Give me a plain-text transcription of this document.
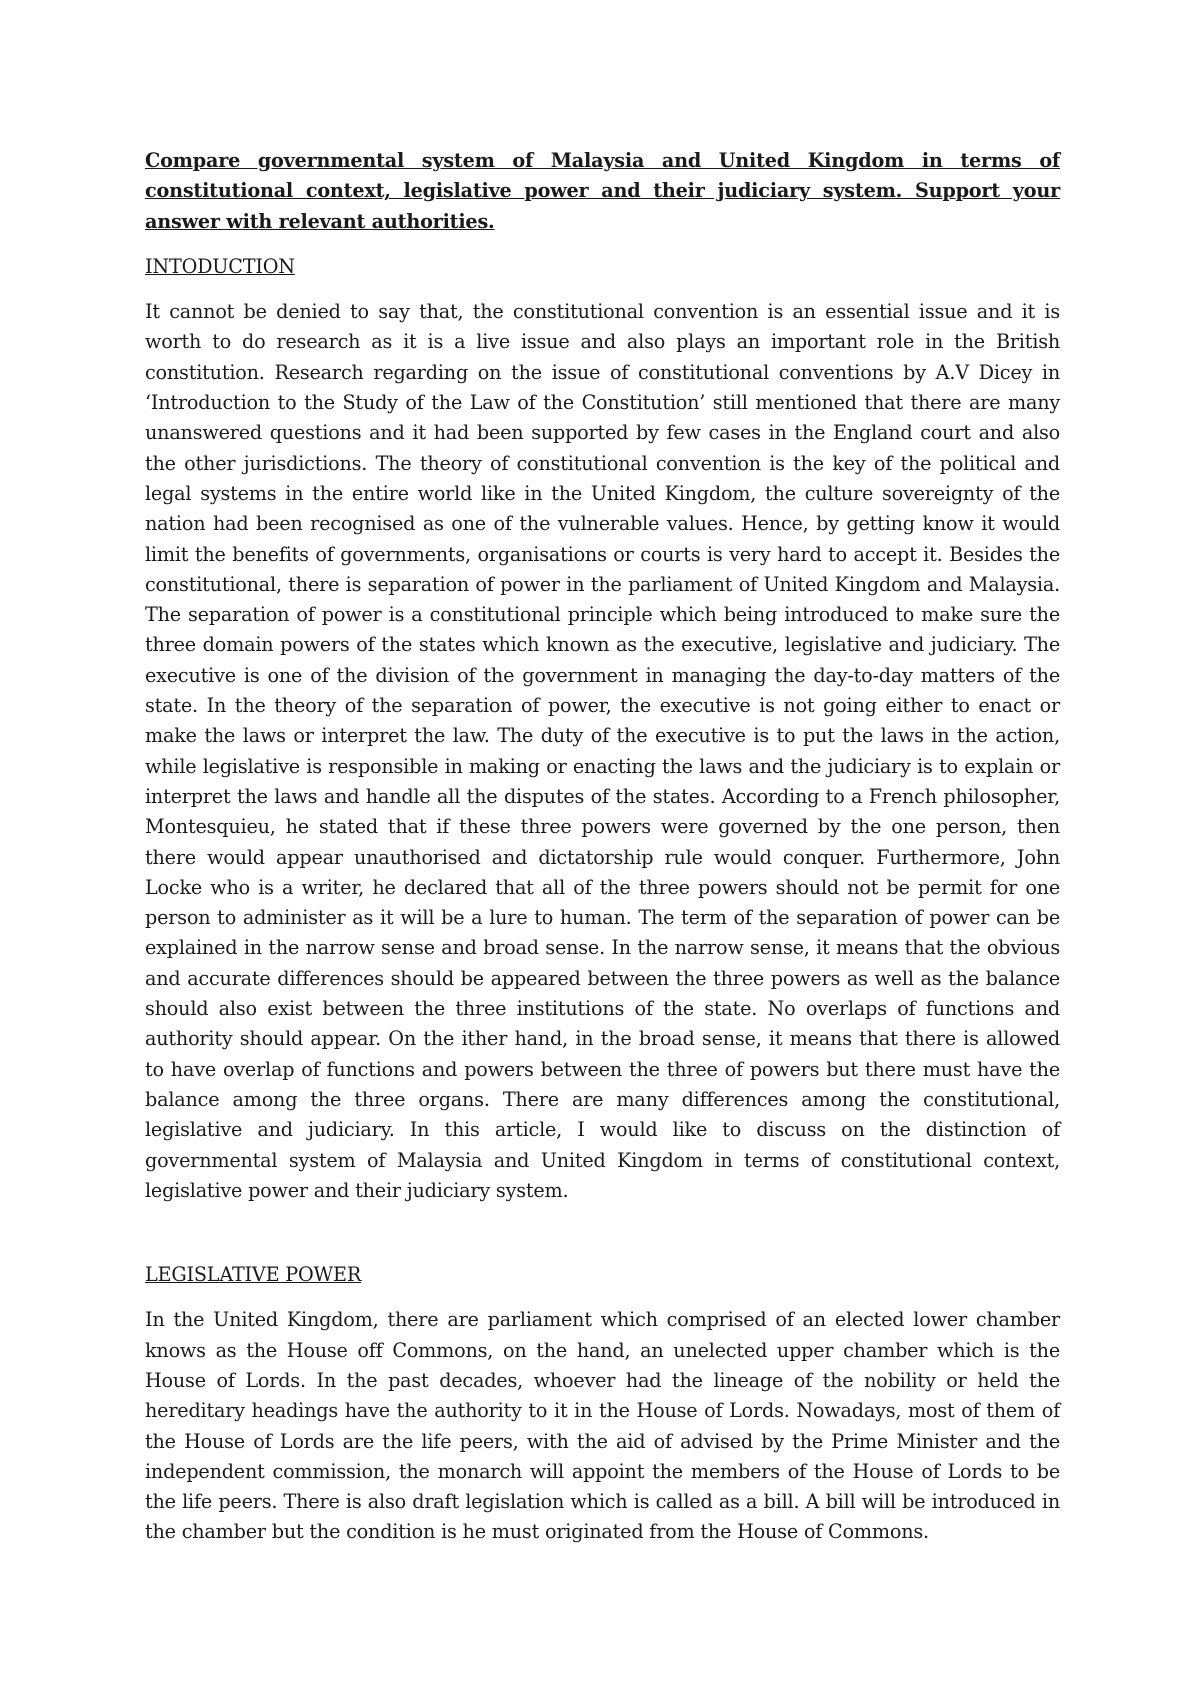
Compare governmental system of Malaysia and United Kingdom in terms of constitutional context, legislative power and their judiciary system. Support your answer with relevant authorities.

INTODUCTION

It cannot be denied to say that, the constitutional convention is an essential issue and it is worth to do research as it is a live issue and also plays an important role in the British constitution. Research regarding on the issue of constitutional conventions by A.V Dicey in ‘Introduction to the Study of the Law of the Constitution’ still mentioned that there are many unanswered questions and it had been supported by few cases in the England court and also the other jurisdictions. The theory of constitutional convention is the key of the political and legal systems in the entire world like in the United Kingdom, the culture sovereignty of the nation had been recognised as one of the vulnerable values. Hence, by getting know it would limit the benefits of governments, organisations or courts is very hard to accept it. Besides the constitutional, there is separation of power in the parliament of United Kingdom and Malaysia. The separation of power is a constitutional principle which being introduced to make sure the three domain powers of the states which known as the executive, legislative and judiciary. The executive is one of the division of the government in managing the day-to-day matters of the state. In the theory of the separation of power, the executive is not going either to enact or make the laws or interpret the law. The duty of the executive is to put the laws in the action, while legislative is responsible in making or enacting the laws and the judiciary is to explain or interpret the laws and handle all the disputes of the states. According to a French philosopher, Montesquieu, he stated that if these three powers were governed by the one person, then there would appear unauthorised and dictatorship rule would conquer. Furthermore, John Locke who is a writer, he declared that all of the three powers should not be permit for one person to administer as it will be a lure to human. The term of the separation of power can be explained in the narrow sense and broad sense. In the narrow sense, it means that the obvious and accurate differences should be appeared between the three powers as well as the balance should also exist between the three institutions of the state. No overlaps of functions and authority should appear. On the ither hand, in the broad sense, it means that there is allowed to have overlap of functions and powers between the three of powers but there must have the balance among the three organs. There are many differences among the constitutional, legislative and judiciary. In this article, I would like to discuss on the distinction of governmental system of Malaysia and United Kingdom in terms of constitutional context, legislative power and their judiciary system.

LEGISLATIVE POWER

In the United Kingdom, there are parliament which comprised of an elected lower chamber knows as the House off Commons, on the hand, an unelected upper chamber which is the House of Lords. In the past decades, whoever had the lineage of the nobility or held the hereditary headings have the authority to it in the House of Lords. Nowadays, most of them of the House of Lords are the life peers, with the aid of advised by the Prime Minister and the independent commission, the monarch will appoint the members of the House of Lords to be the life peers. There is also draft legislation which is called as a bill. A bill will be introduced in the chamber but the condition is he must originated from the House of Commons.
